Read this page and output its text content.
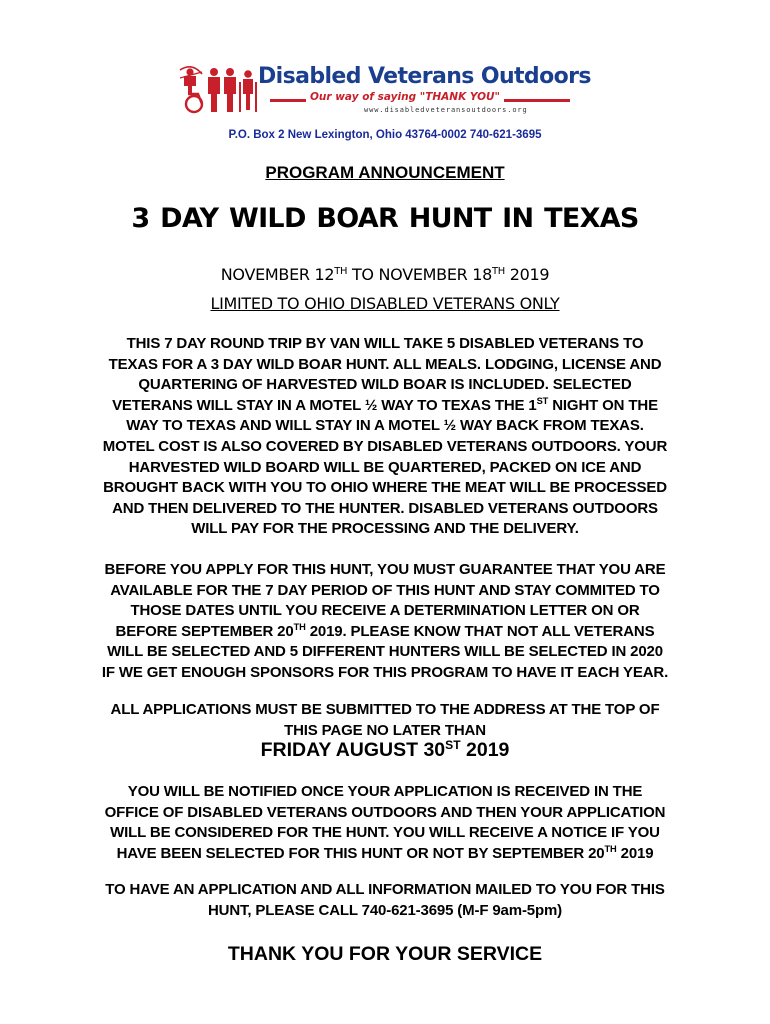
Disabled Veterans Outdoors
Our way of saying "THANK YOU"
www.disabledveteransoutdoors.org
P.O. Box 2 New Lexington, Ohio 43764-0002 740-621-3695
PROGRAM ANNOUNCEMENT
3 DAY WILD BOAR HUNT IN TEXAS
NOVEMBER 12TH TO NOVEMBER 18TH 2019
LIMITED TO OHIO DISABLED VETERANS ONLY
THIS 7 DAY ROUND TRIP BY VAN WILL TAKE 5 DISABLED VETERANS TO
TEXAS FOR A 3 DAY WILD BOAR HUNT. ALL MEALS. LODGING, LICENSE AND
QUARTERING OF HARVESTED WILD BOAR IS INCLUDED. SELECTED
VETERANS WILL STAY IN A MOTEL ½ WAY TO TEXAS THE 1ST NIGHT ON THE
WAY TO TEXAS AND WILL STAY IN A MOTEL ½ WAY BACK FROM TEXAS.
MOTEL COST IS ALSO COVERED BY DISABLED VETERANS OUTDOORS. YOUR
HARVESTED WILD BOARD WILL BE QUARTERED, PACKED ON ICE AND
BROUGHT BACK WITH YOU TO OHIO WHERE THE MEAT WILL BE PROCESSED
AND THEN DELIVERED TO THE HUNTER. DISABLED VETERANS OUTDOORS
WILL PAY FOR THE PROCESSING AND THE DELIVERY.
BEFORE YOU APPLY FOR THIS HUNT, YOU MUST GUARANTEE THAT YOU ARE
AVAILABLE FOR THE 7 DAY PERIOD OF THIS HUNT AND STAY COMMITED TO
THOSE DATES UNTIL YOU RECEIVE A DETERMINATION LETTER ON OR
BEFORE SEPTEMBER 20TH 2019. PLEASE KNOW THAT NOT ALL VETERANS
WILL BE SELECTED AND 5 DIFFERENT HUNTERS WILL BE SELECTED IN 2020
IF WE GET ENOUGH SPONSORS FOR THIS PROGRAM TO HAVE IT EACH YEAR.
ALL APPLICATIONS MUST BE SUBMITTED TO THE ADDRESS AT THE TOP OF
THIS PAGE NO LATER THAN
FRIDAY AUGUST 30ST 2019
YOU WILL BE NOTIFIED ONCE YOUR APPLICATION IS RECEIVED IN THE
OFFICE OF DISABLED VETERANS OUTDOORS AND THEN YOUR APPLICATION
WILL BE CONSIDERED FOR THE HUNT. YOU WILL RECEIVE A NOTICE IF YOU
HAVE BEEN SELECTED FOR THIS HUNT OR NOT BY SEPTEMBER 20TH 2019
TO HAVE AN APPLICATION AND ALL INFORMATION MAILED TO YOU FOR THIS
HUNT, PLEASE CALL 740-621-3695 (M-F 9am-5pm)
THANK YOU FOR YOUR SERVICE
